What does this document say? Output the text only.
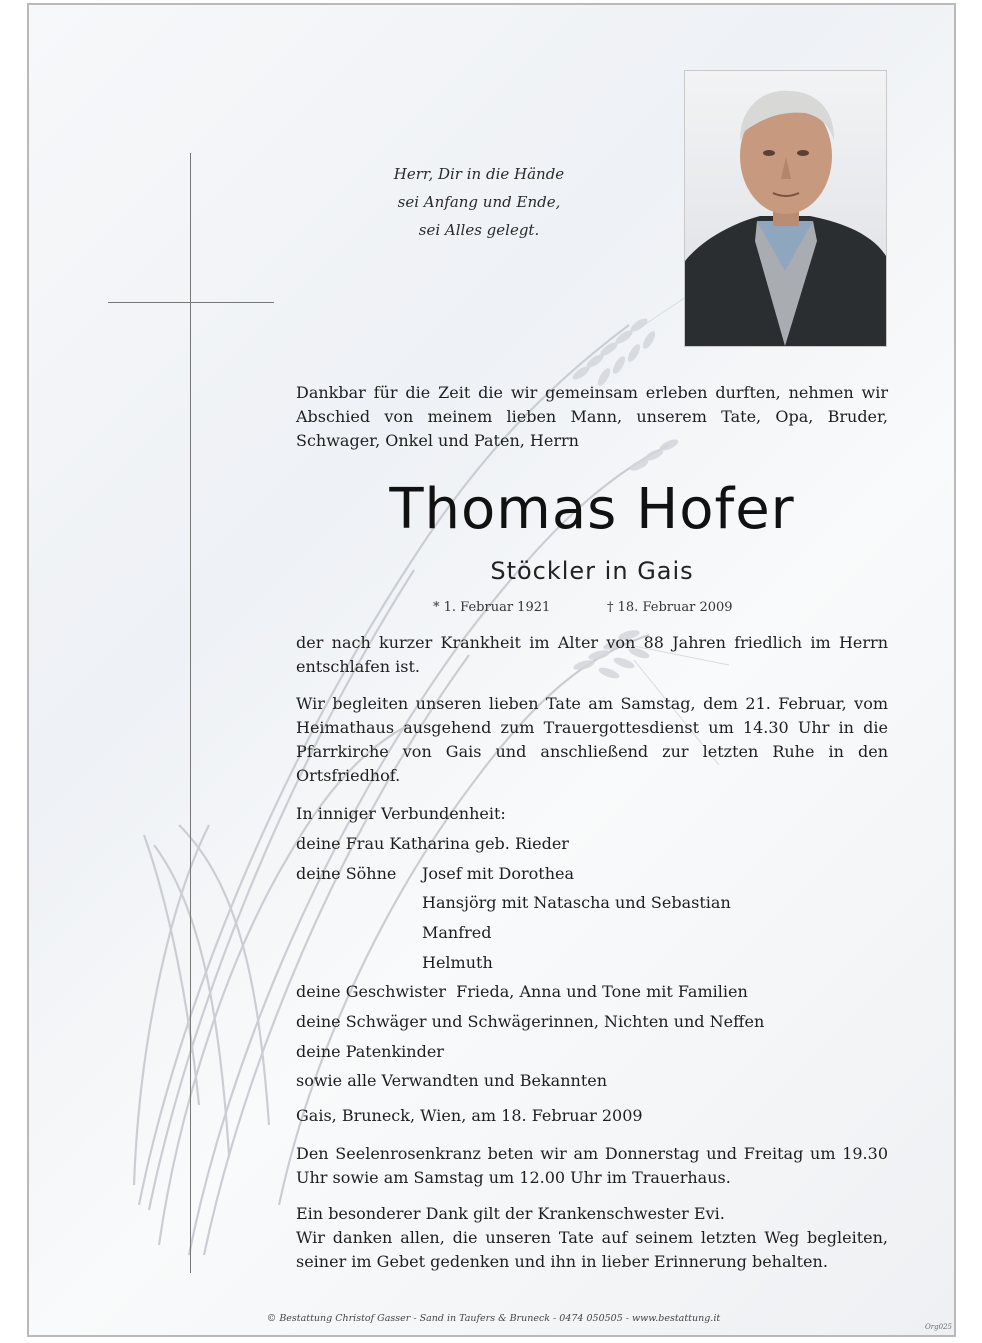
Herr, Dir in die Hände
sei Anfang und Ende,
sei Alles gelegt.
Dankbar für die Zeit die wir gemeinsam erleben durften, nehmen wir Abschied von meinem lieben Mann, unserem Tate, Opa, Bruder, Schwager, Onkel und Paten, Herrn
Thomas Hofer
Stöckler in Gais
* 1. Februar 1921	† 18. Februar 2009
der nach kurzer Krankheit im Alter von 88 Jahren friedlich im Herrn entschlafen ist.
Wir begleiten unseren lieben Tate am Samstag, dem 21. Februar, vom Heimathaus ausgehend zum Trauergottesdienst um 14.30 Uhr in die Pfarrkirche von Gais und anschließend zur letzten Ruhe in den Ortsfriedhof.
In inniger Verbundenheit:
deine Frau Katharina geb. Rieder
deine Söhne Josef mit Dorothea
Hansjörg mit Natascha und Sebastian
Manfred
Helmuth
deine Geschwister  Frieda, Anna und Tone mit Familien
deine Schwäger und Schwägerinnen, Nichten und Neffen
deine Patenkinder
sowie alle Verwandten und Bekannten
Gais, Bruneck, Wien, am 18. Februar 2009
Den Seelenrosenkranz beten wir am Donnerstag und Freitag um 19.30 Uhr sowie am Samstag um 12.00 Uhr im Trauerhaus.
Ein besonderer Dank gilt der Krankenschwester Evi.
Wir danken allen, die unseren Tate auf seinem letzten Weg begleiten, seiner im Gebet gedenken und ihn in lieber Erinnerung behalten.
© Bestattung Christof Gasser - Sand in Taufers & Bruneck - 0474 050505 - www.bestattung.it
Org025
